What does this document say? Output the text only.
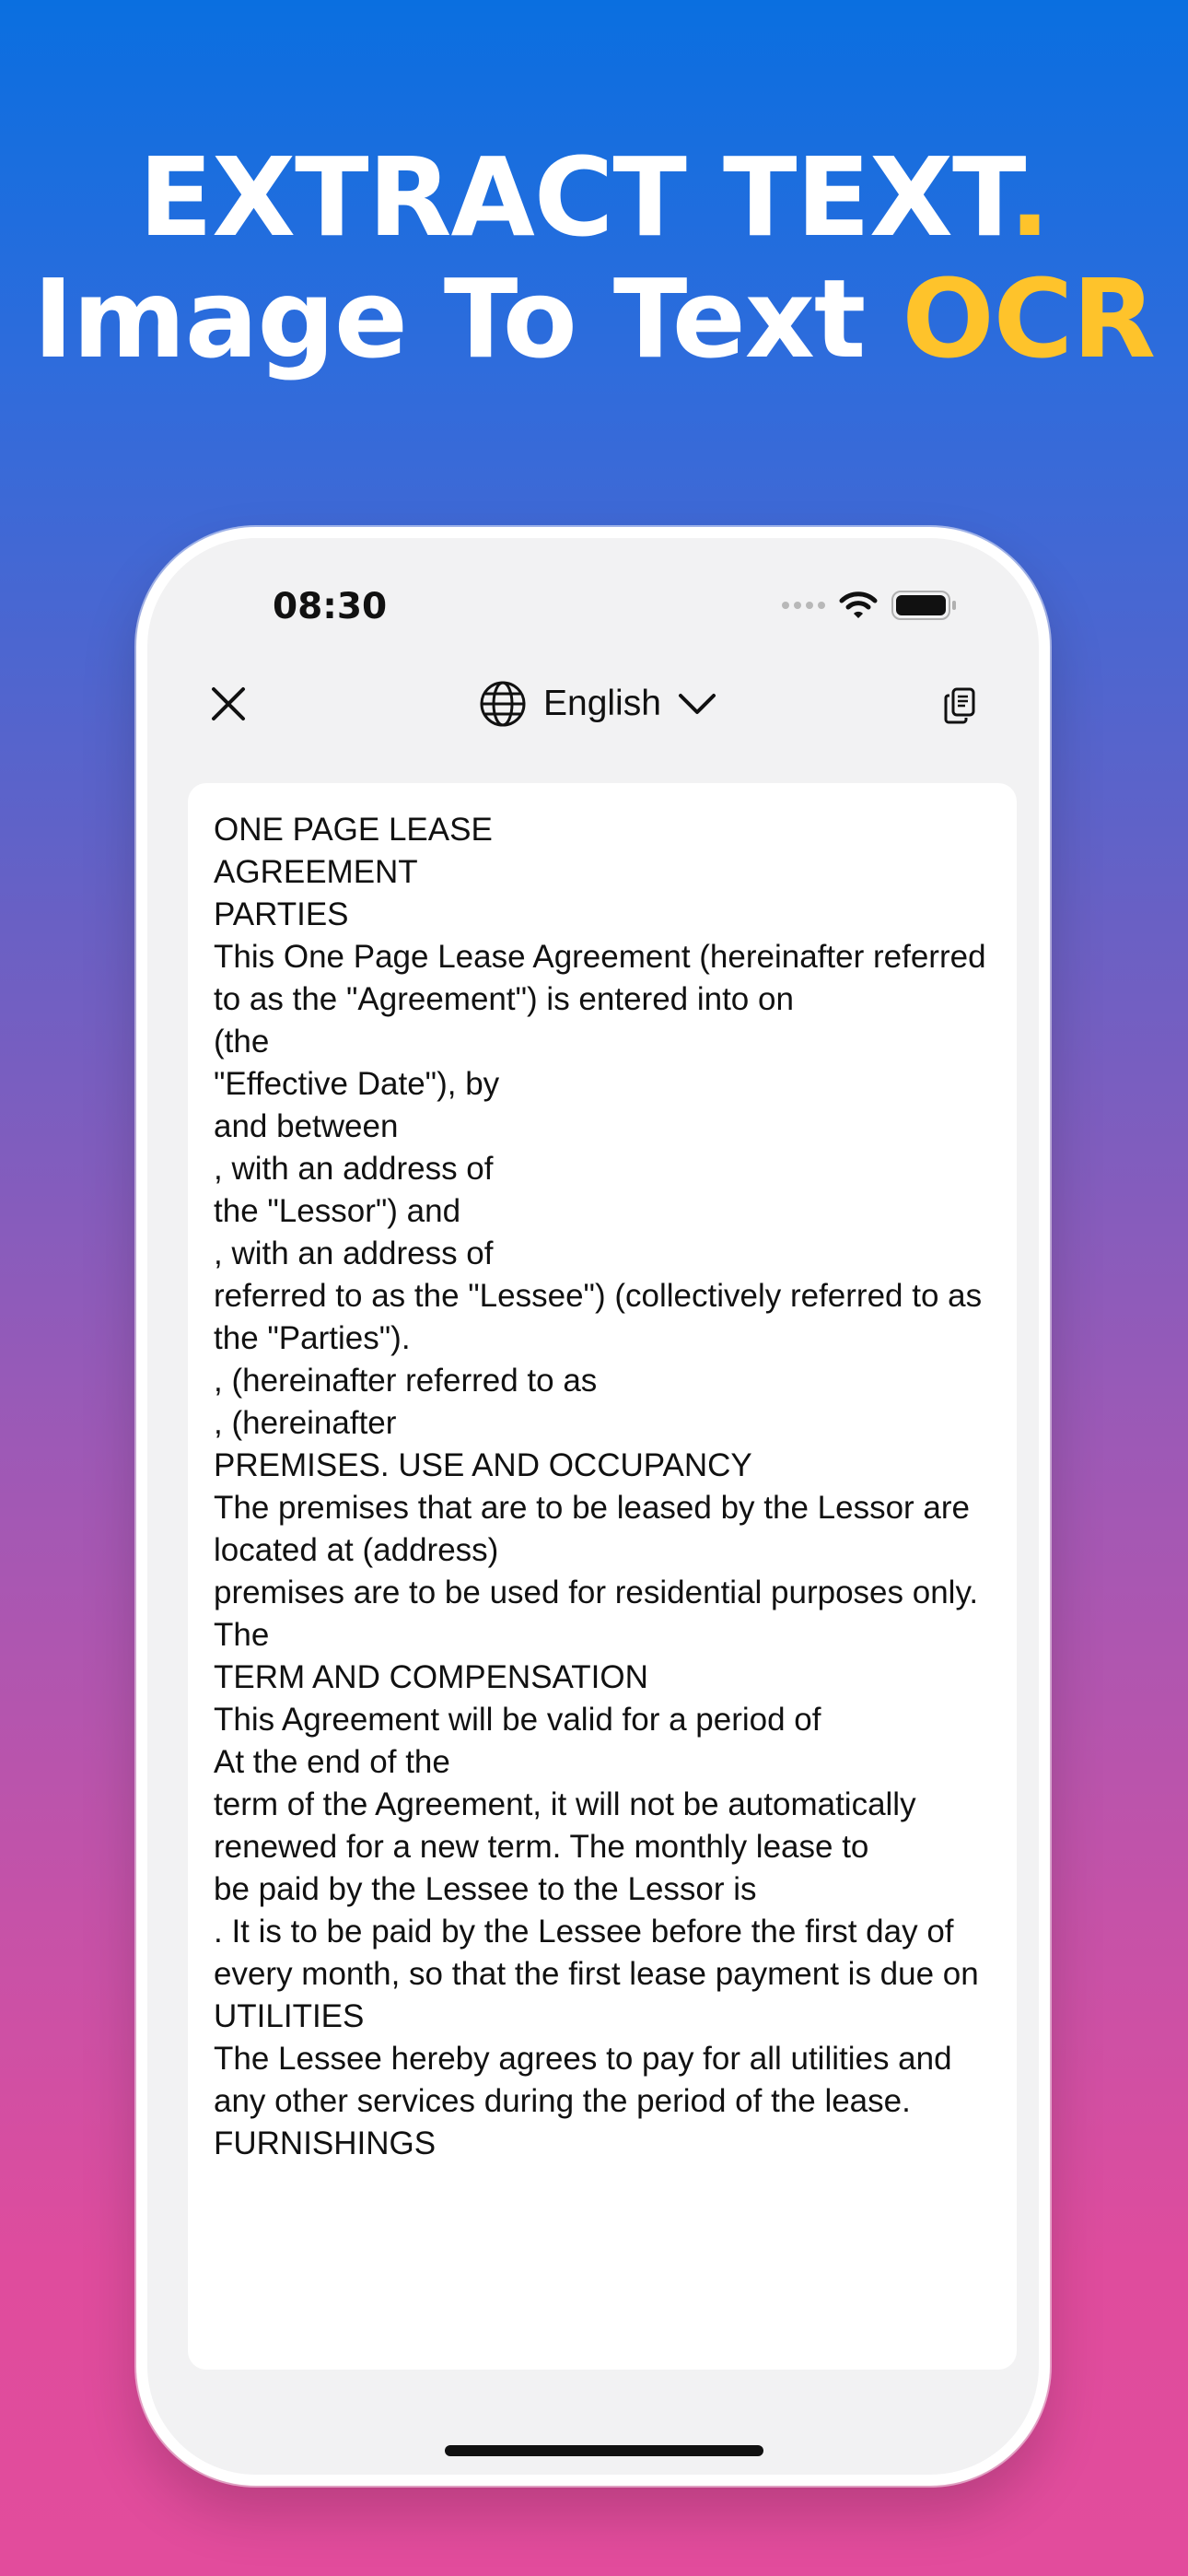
EXTRACT TEXT.
Image To Text OCR
08:30
English
ONE PAGE LEASE
AGREEMENT
PARTIES
This One Page Lease Agreement (hereinafter referred to as the "Agreement") is entered into on
(the
"Effective Date"), by
and between
, with an address of
the "Lessor") and
, with an address of
referred to as the "Lessee") (collectively referred to as the "Parties").
, (hereinafter referred to as
, (hereinafter
PREMISES. USE AND OCCUPANCY
The premises that are to be leased by the Lessor are located at (address)
premises are to be used for residential purposes only.
The
TERM AND COMPENSATION
This Agreement will be valid for a period of
At the end of the
term of the Agreement, it will not be automatically renewed for a new term. The monthly lease to
be paid by the Lessee to the Lessor is
. It is to be paid by the Lessee before the first day of every month, so that the first lease payment is due on
UTILITIES
The Lessee hereby agrees to pay for all utilities and any other services during the period of the lease.
FURNISHINGS
